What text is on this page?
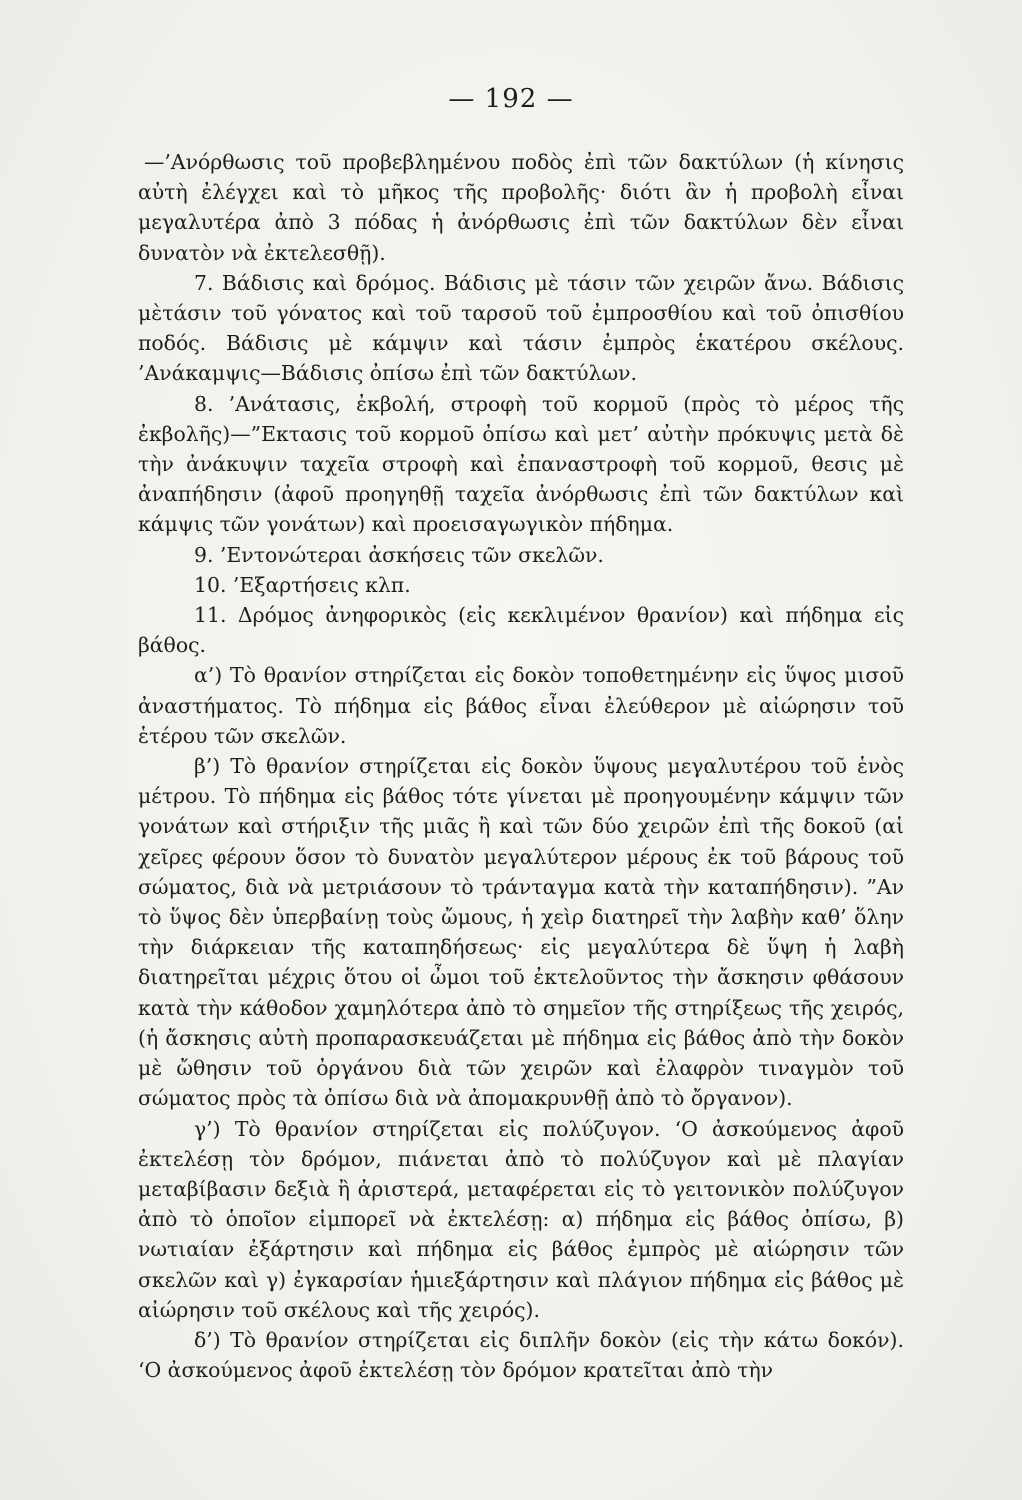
— 192 —

—’Ανόρθωσις τοῦ προβεβλημένου ποδὸς ἐπὶ τῶν δακτύλων (ἡ κίνησις αὐτὴ ἐλέγχει καὶ τὸ μῆκος τῆς προβολῆς· διότι ἂν ἡ προβολὴ εἶναι μεγαλυτέρα ἀπὸ 3 πόδας ἡ ἀνόρθωσις ἐπὶ τῶν δακτύλων δὲν εἶναι δυνατὸν νὰ ἐκτελεσθῇ).

7. Βάδισις καὶ δρόμος. Βάδισις μὲ τάσιν τῶν χειρῶν ἄνω. Βάδισις μὲτάσιν τοῦ γόνατος καὶ τοῦ ταρσοῦ τοῦ ἐμπροσθίου καὶ τοῦ ὀπισθίου ποδός. Βάδισις μὲ κάμψιν καὶ τάσιν ἐμπρὸς ἑκατέρου σκέλους. ’Ανάκαμψις—Βάδισις ὀπίσω ἐπὶ τῶν δακτύλων.

8. ’Ανάτασις, ἐκβολή, στροφὴ τοῦ κορμοῦ (πρὸς τὸ μέρος τῆς ἐκβολῆς)—”Εκτασις τοῦ κορμοῦ ὀπίσω καὶ μετ’ αὐτὴν πρόκυψις μετὰ δὲ τὴν ἀνάκυψιν ταχεῖα στροφὴ καὶ ἐπαναστροφὴ τοῦ κορμοῦ, θεσις μὲ ἀναπήδησιν (ἀφοῦ προηγηθῇ ταχεῖα ἀνόρθωσις ἐπὶ τῶν δακτύλων καὶ κάμψις τῶν γονάτων) καὶ προεισαγωγικὸν πήδημα.

9. ’Εντονώτεραι ἀσκήσεις τῶν σκελῶν.

10. ’Εξαρτήσεις κλπ.

11. Δρόμος ἀνηφορικὸς (εἰς κεκλιμένον θρανίον) καὶ πήδημα εἰς βάθος.

α’) Τὸ θρανίον στηρίζεται εἰς δοκὸν τοποθετημένην εἰς ὕψος μισοῦ ἀναστήματος. Τὸ πήδημα εἰς βάθος εἶναι ἐλεύθερον μὲ αἰώρησιν τοῦ ἑτέρου τῶν σκελῶν.

β’) Τὸ θρανίον στηρίζεται εἰς δοκὸν ὕψους μεγαλυτέρου τοῦ ἑνὸς μέτρου. Τὸ πήδημα εἰς βάθος τότε γίνεται μὲ προηγουμένην κάμψιν τῶν γονάτων καὶ στήριξιν τῆς μιᾶς ἢ καὶ τῶν δύο χειρῶν ἐπὶ τῆς δοκοῦ (αἱ χεῖρες φέρουν ὅσον τὸ δυνατὸν μεγαλύτερον μέρους ἐκ τοῦ βάρους τοῦ σώματος, διὰ νὰ μετριάσουν τὸ τράνταγμα κατὰ τὴν καταπήδησιν). ”Αν τὸ ὕψος δὲν ὑπερβαίνῃ τοὺς ὤμους, ἡ χεὶρ διατηρεῖ τὴν λαβὴν καθ’ ὅλην τὴν διάρκειαν τῆς καταπηδήσεως· εἰς μεγαλύτερα δὲ ὕψη ἡ λαβὴ διατηρεῖται μέχρις ὅτου οἱ ὦμοι τοῦ ἐκτελοῦντος τὴν ἄσκησιν φθάσουν κατὰ τὴν κάθοδον χαμηλότερα ἀπὸ τὸ σημεῖον τῆς στηρίξεως τῆς χειρός, (ἡ ἄσκησις αὐτὴ προπαρασκευάζεται μὲ πήδημα εἰς βάθος ἀπὸ τὴν δοκὸν μὲ ὤθησιν τοῦ ὀργάνου διὰ τῶν χειρῶν καὶ ἐλαφρὸν τιναγμὸν τοῦ σώματος πρὸς τὰ ὀπίσω διὰ νὰ ἀπομακρυνθῇ ἀπὸ τὸ ὄργανον).

γ’) Τὸ θρανίον στηρίζεται εἰς πολύζυγον. ‘Ο ἀσκούμενος ἀφοῦ ἐκτελέσῃ τὸν δρόμον, πιάνεται ἀπὸ τὸ πολύζυγον καὶ μὲ πλαγίαν μεταβίβασιν δεξιὰ ἢ ἀριστερά, μεταφέρεται εἰς τὸ γειτονικὸν πολύζυγον ἀπὸ τὸ ὁποῖον εἰμπορεῖ νὰ ἐκτελέσῃ: α) πήδημα εἰς βάθος ὀπίσω, β) νωτιαίαν ἐξάρτησιν καὶ πήδημα εἰς βάθος ἐμπρὸς μὲ αἰώρησιν τῶν σκελῶν καὶ γ) ἐγκαρσίαν ἡμιεξάρτησιν καὶ πλάγιον πήδημα εἰς βάθος μὲ αἰώρησιν τοῦ σκέλους καὶ τῆς χειρός).

δ’) Τὸ θρανίον στηρίζεται εἰς διπλῆν δοκὸν (εἰς τὴν κάτω δοκόν). ‘Ο ἀσκούμενος ἀφοῦ ἐκτελέσῃ τὸν δρόμον κρατεῖται ἀπὸ τὴν
